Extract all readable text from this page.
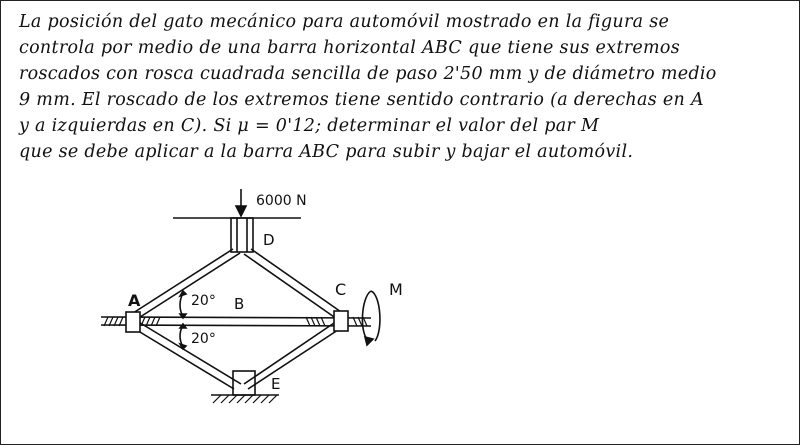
La posición del gato mecánico para automóvil mostrado en la figura se
controla por medio de una barra horizontal ABC que tiene sus extremos
roscados con rosca cuadrada sencilla de paso 2'50 mm y de diámetro medio
9 mm. El roscado de los extremos tiene sentido contrario (a derechas en A
y a izquierdas en C). Si μ = 0'12; determinar el valor del par M
que se debe aplicar a la barra ABC para subir y bajar el automóvil.
6000 N
D
A	B
C	M
20°
20°
E
